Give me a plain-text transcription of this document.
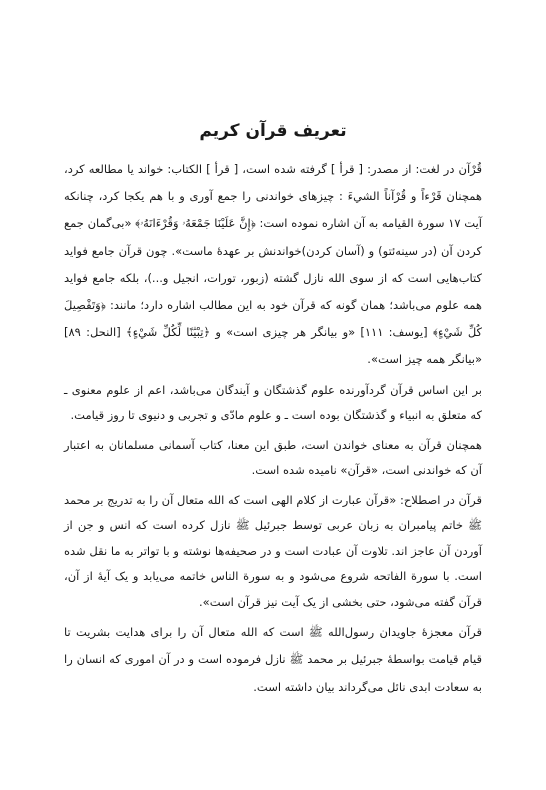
تعریف قرآن کریم

قُرْآن در لغت: از مصدر: [ قرأ ] گرفته شده است، [ قرأ ] الکتاب: خواند یا مطالعه کرد، همچنان قَرْءاً و قُرْآناً الشيءَ : چیزهای خواندنی را جمع آوری و با هم یکجا کرد، چنانکه آیت ۱۷ سورة القیامه به آن اشاره نموده است: ﴿إِنَّ عَلَيْنَا جَمْعَهُۥ وَقُرْءَانَهُۥ﴾ «بی‌گمان جمع کردن آن (در سینه‌ئتو) و (آسان کردن)خواندنش بر عهدهٔ ماست». چون قرآن جامع فواید کتاب‌هایی است که از سوی الله نازل گشته (زبور، تورات، انجیل و...)، بلکه جامع فواید همه علوم می‌باشد؛ همان گونه که قرآن خود به این مطالب اشاره دارد؛ مانند: ﴿وَتَفْصِيلَ كُلِّ شَيْءٍ﴾ [یوسف: ۱۱۱] «و بیانگر هر چیزی است» و ﴿تِبْيَٰنًا لِّكُلِّ شَيْءٍ﴾ [النحل: ۸۹] «بیانگر همه چیز است».

بر این اساس قرآن گردآورنده علوم گذشتگان و آیندگان می‌باشد، اعم از علوم معنوی ـ که متعلق به انبیاء و گذشتگان بوده است ـ و علوم مادّی و تجربی و دنیوی تا روز قیامت.

همچنان قرآن به معنای خواندن است، طبق این معنا، کتاب آسمانی مسلمانان به اعتبار آن که خواندنی است، «قرآن» نامیده شده است.

قرآن در اصطلاح: «قرآن عبارت از کلام الهی است که الله متعال آن را به تدریج بر محمد ﷺ خاتم پیامبران به زبان عربی توسط جبرئیل ﷺ نازل کرده است که انس و جن از آوردن آن عاجز اند. تلاوت آن عبادت است و در صحیفه‌ها نوشته و با تواتر به ما نقل شده است. با سورة الفاتحه شروع می‌شود و به سورة الناس خاتمه می‌یابد و یک آیهٔ از آن، قرآن گفته می‌شود، حتی بخشی از یک آیت نیز قرآن است».

قرآن معجزهٔ جاویدان رسول‌الله ﷺ است که الله متعال آن را برای هدایت بشریت تا قیام قیامت بواسطهٔ جبرئیل بر محمد ﷺ نازل فرموده است و در آن اموری که انسان را به سعادت ابدی نائل می‌گرداند بیان داشته است.
